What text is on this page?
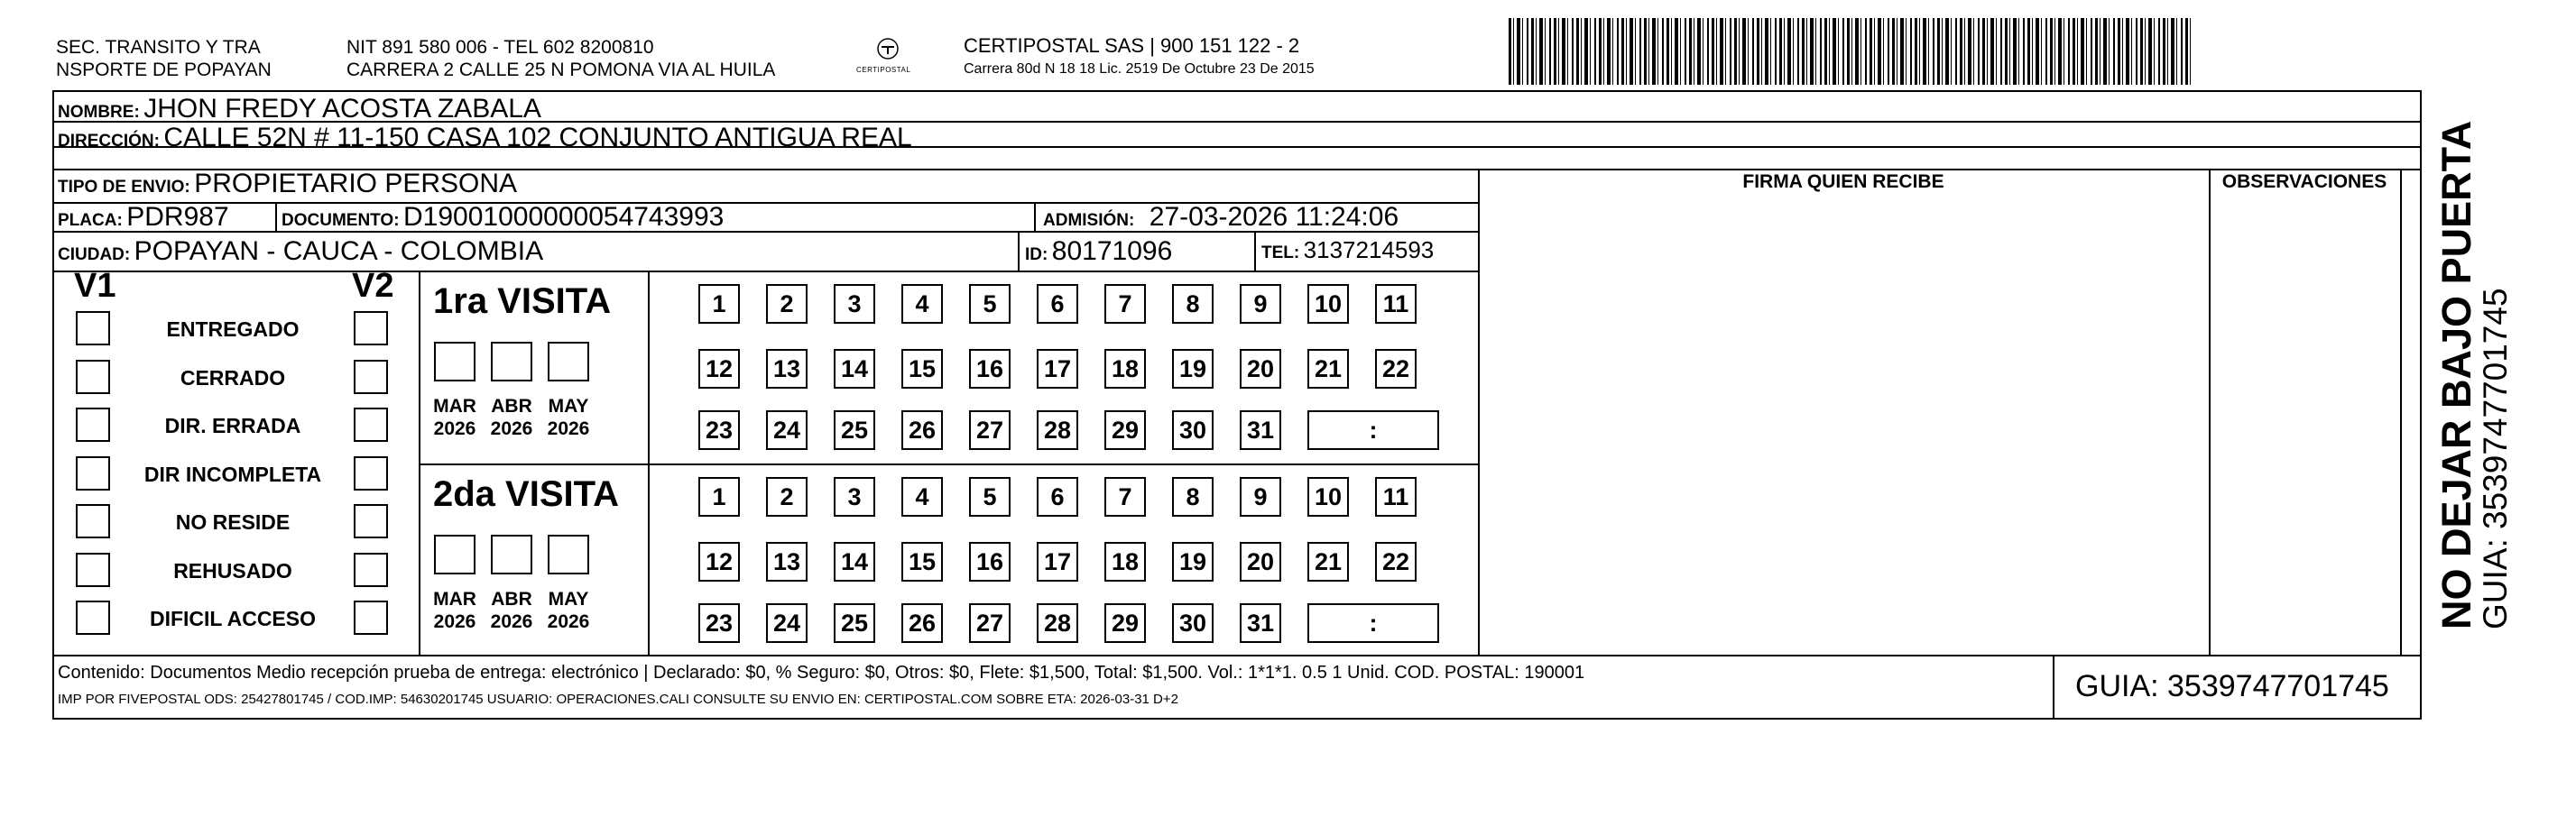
SEC. TRANSITO Y TRA
NSPORTE DE POPAYAN
NIT 891 580 006 - TEL 602 8200810
CARRERA 2 CALLE 25 N POMONA VIA AL HUILA	CERTIPOSTAL
CERTIPOSTAL SAS | 900 151 122 - 2
Carrera 80d N 18 18 Lic. 2519 De Octubre 23 De 2015
NOMBRE: JHON FREDY ACOSTA ZABALA
DIRECCIÓN: CALLE 52N # 11-150 CASA 102 CONJUNTO ANTIGUA REAL
TIPO DE ENVIO: PROPIETARIO PERSONA	FIRMA QUIEN RECIBE	OBSERVACIONES
PLACA: PDR987	DOCUMENTO: D19001000000054743993	ADMISIÓN: 27-03-2026 11:24:06
CIUDAD: POPAYAN - CAUCA - COLOMBIA	ID: 80171096	TEL: 3137214593
V1	V2
ENTREGADO
CERRADO
DIR. ERRADA
DIR INCOMPLETA
NO RESIDE
REHUSADO
DIFICIL ACCESO
1ra VISITA
MAR
2026
ABR
2026
MAY
2026
1	2	3	4	5	6	7	8	9	10	11
12 13 14 15 16 17 18 19 20 21 22
23 24 25 26 27 28 29 30 31	:
2da VISITA
MAR
2026
ABR
2026
MAY
2026
1	2	3	4	5	6	7	8	9	10	11
12 13 14 15 16 17 18 19 20 21 22
23 24 25 26 27 28 29 30 31	:	NO DEJAR BAJO PUERTA
GUIA: 3539747701745
Contenido: Documentos Medio recepción prueba de entrega: electrónico | Declarado: $0, % Seguro: $0, Otros: $0, Flete: $1,500, Total: $1,500. Vol.: 1*1*1. 0.5 1 Unid. COD. POSTAL: 190001
IMP POR FIVEPOSTAL ODS: 25427801745 / COD.IMP: 54630201745 USUARIO: OPERACIONES.CALI CONSULTE SU ENVIO EN: CERTIPOSTAL.COM SOBRE ETA: 2026-03-31 D+2	GUIA: 3539747701745
